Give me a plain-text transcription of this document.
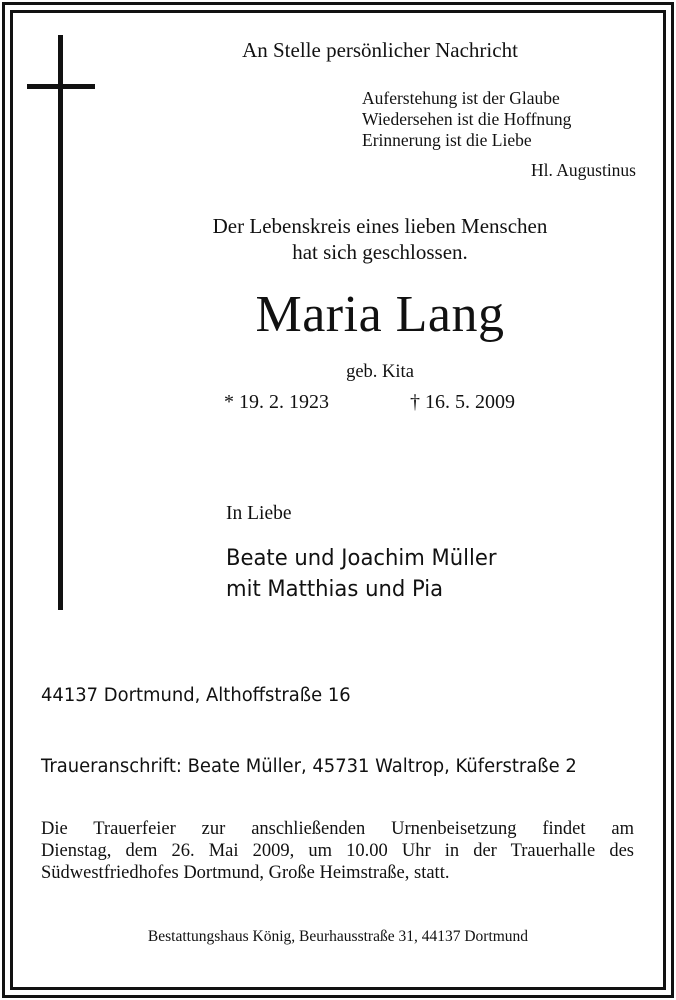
An Stelle persönlicher Nachricht

Auferstehung ist der Glaube
Wiedersehen ist die Hoffnung
Erinnerung ist die Liebe

Hl. Augustinus

Der Lebenskreis eines lieben Menschen
hat sich geschlossen.

Maria Lang

geb. Kita

* 19. 2. 1923	† 16. 5. 2009

In Liebe

Beate und Joachim Müller
mit Matthias und Pia

44137 Dortmund, Althoffstraße 16

Traueranschrift: Beate Müller, 45731 Waltrop, Küferstraße 2

Die Trauerfeier zur anschließenden Urnenbeisetzung findet am
Dienstag, dem 26. Mai 2009, um 10.00 Uhr in der Trauerhalle des
Südwestfriedhofes Dortmund, Große Heimstraße, statt.

Bestattungshaus König, Beurhausstraße 31, 44137 Dortmund
